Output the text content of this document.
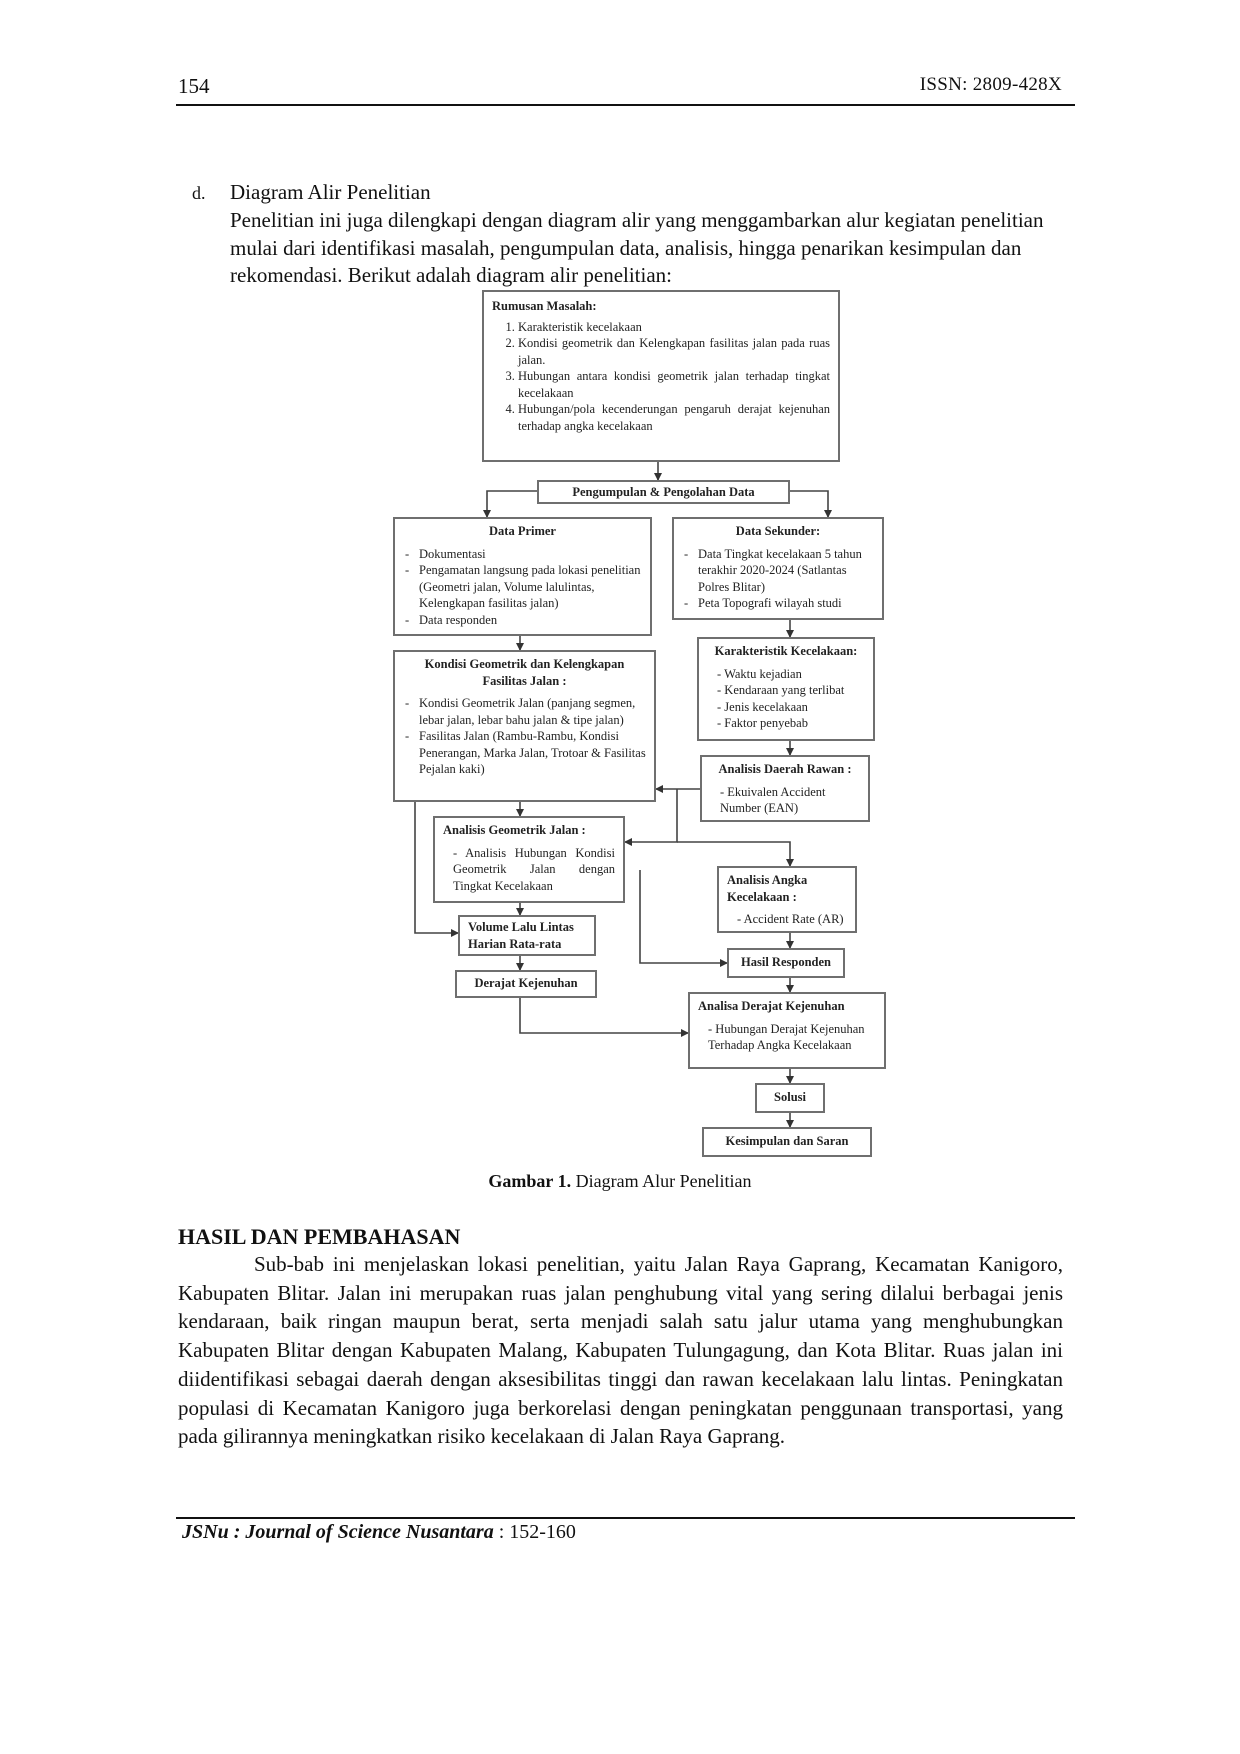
154	ISSN: 2809-428X
d. Diagram Alir Penelitian
Penelitian ini juga dilengkapi dengan diagram alir yang menggambarkan alur kegiatan penelitian mulai dari identifikasi masalah, pengumpulan data, analisis, hingga penarikan kesimpulan dan rekomendasi. Berikut adalah diagram alir penelitian:
Rumusan Masalah:
1. Karakteristik kecelakaan
2. Kondisi geometrik dan Kelengkapan fasilitas jalan pada ruas jalan.
3. Hubungan antara kondisi geometrik jalan terhadap tingkat kecelakaan
4. Hubungan/pola kecenderungan pengaruh derajat kejenuhan terhadap angka kecelakaan
Pengumpulan & Pengolahan Data
Data Primer
- Dokumentasi
- Pengamatan langsung pada lokasi penelitian (Geometri jalan, Volume lalulintas, Kelengkapan fasilitas jalan)
- Data responden
Data Sekunder:
- Data Tingkat kecelakaan 5 tahun terakhir 2020-2024 (Satlantas Polres Blitar)
- Peta Topografi wilayah studi
Kondisi Geometrik dan Kelengkapan Fasilitas Jalan :
- Kondisi Geometrik Jalan (panjang segmen, lebar jalan, lebar bahu jalan & tipe jalan)
- Fasilitas Jalan (Rambu-Rambu, Kondisi Penerangan, Marka Jalan, Trotoar & Fasilitas Pejalan kaki)
Karakteristik Kecelakaan:
- Waktu kejadian
- Kendaraan yang terlibat
- Jenis kecelakaan
- Faktor penyebab
Analisis Daerah Rawan :
- Ekuivalen Accident Number (EAN)
Analisis Geometrik Jalan :
- Analisis Hubungan Kondisi Geometrik Jalan dengan Tingkat Kecelakaan	Analisis Angka Kecelakaan :
- Accident Rate (AR)
Volume Lalu Lintas Harian Rata-rata
Hasil Responden
Derajat Kejenuhan
Analisa Derajat Kejenuhan
- Hubungan Derajat Kejenuhan Terhadap Angka Kecelakaan
Solusi
Kesimpulan dan Saran
Gambar 1. Diagram Alur Penelitian
HASIL DAN PEMBAHASAN
Sub-bab ini menjelaskan lokasi penelitian, yaitu Jalan Raya Gaprang, Kecamatan Kanigoro, Kabupaten Blitar. Jalan ini merupakan ruas jalan penghubung vital yang sering dilalui berbagai jenis kendaraan, baik ringan maupun berat, serta menjadi salah satu jalur utama yang menghubungkan Kabupaten Blitar dengan Kabupaten Malang, Kabupaten Tulungagung, dan Kota Blitar. Ruas jalan ini diidentifikasi sebagai daerah dengan aksesibilitas tinggi dan rawan kecelakaan lalu lintas. Peningkatan populasi di Kecamatan Kanigoro juga berkorelasi dengan peningkatan penggunaan transportasi, yang pada gilirannya meningkatkan risiko kecelakaan di Jalan Raya Gaprang.
JSNu : Journal of Science Nusantara : 152-160
